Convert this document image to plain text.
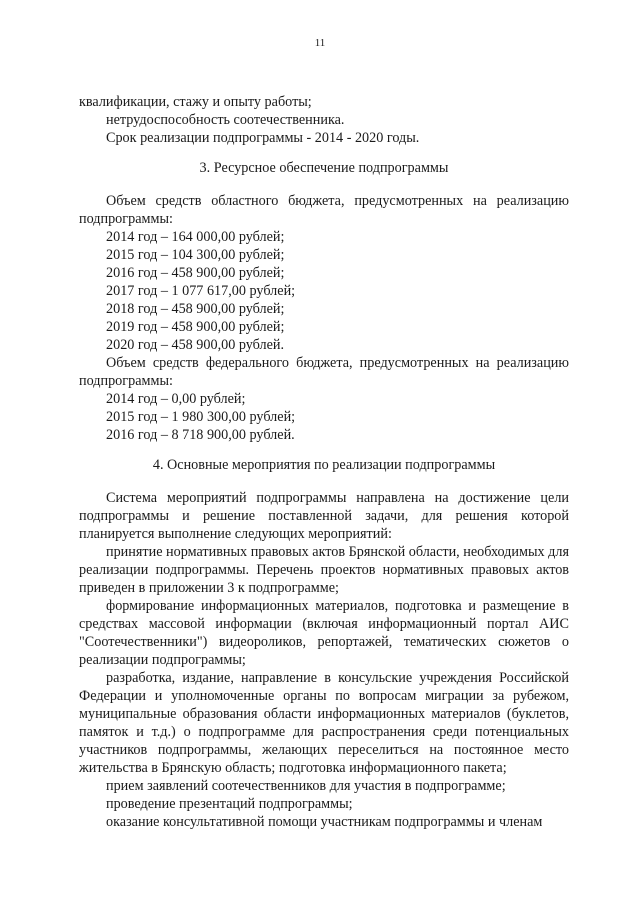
11

квалификации, стажу и опыту работы;

нетрудоспособность соотечественника.

Срок реализации подпрограммы - 2014 - 2020 годы.

3. Ресурсное обеспечение подпрограммы

Объем средств областного бюджета, предусмотренных на реализацию подпрограммы:

2014 год – 164 000,00 рублей;

2015 год – 104 300,00 рублей;

2016 год – 458 900,00 рублей;

2017 год – 1 077 617,00 рублей;

2018 год – 458 900,00 рублей;

2019 год – 458 900,00 рублей;

2020 год – 458 900,00 рублей.

Объем средств федерального бюджета, предусмотренных на реализацию подпрограммы:

2014 год – 0,00 рублей;

2015 год – 1 980 300,00 рублей;

2016 год – 8 718 900,00 рублей.

4. Основные мероприятия по реализации подпрограммы

Система мероприятий подпрограммы направлена на достижение цели подпрограммы и решение поставленной задачи, для решения которой планируется выполнение следующих мероприятий:

принятие нормативных правовых актов Брянской области, необходимых для реализации подпрограммы. Перечень проектов нормативных правовых актов приведен в приложении 3 к подпрограмме;

формирование информационных материалов, подготовка и размещение в средствах массовой информации (включая информационный портал АИС "Соотечественники") видеороликов, репортажей, тематических сюжетов о реализации подпрограммы;

разработка, издание, направление в консульские учреждения Российской Федерации и уполномоченные органы по вопросам миграции за рубежом, муниципальные образования области информационных материалов (буклетов, памяток и т.д.) о подпрограмме для распространения среди потенциальных участников подпрограммы, желающих переселиться на постоянное место жительства в Брянскую область; подготовка информационного пакета;

прием заявлений соотечественников для участия в подпрограмме;

проведение презентаций подпрограммы;

оказание консультативной помощи участникам подпрограммы и членам
